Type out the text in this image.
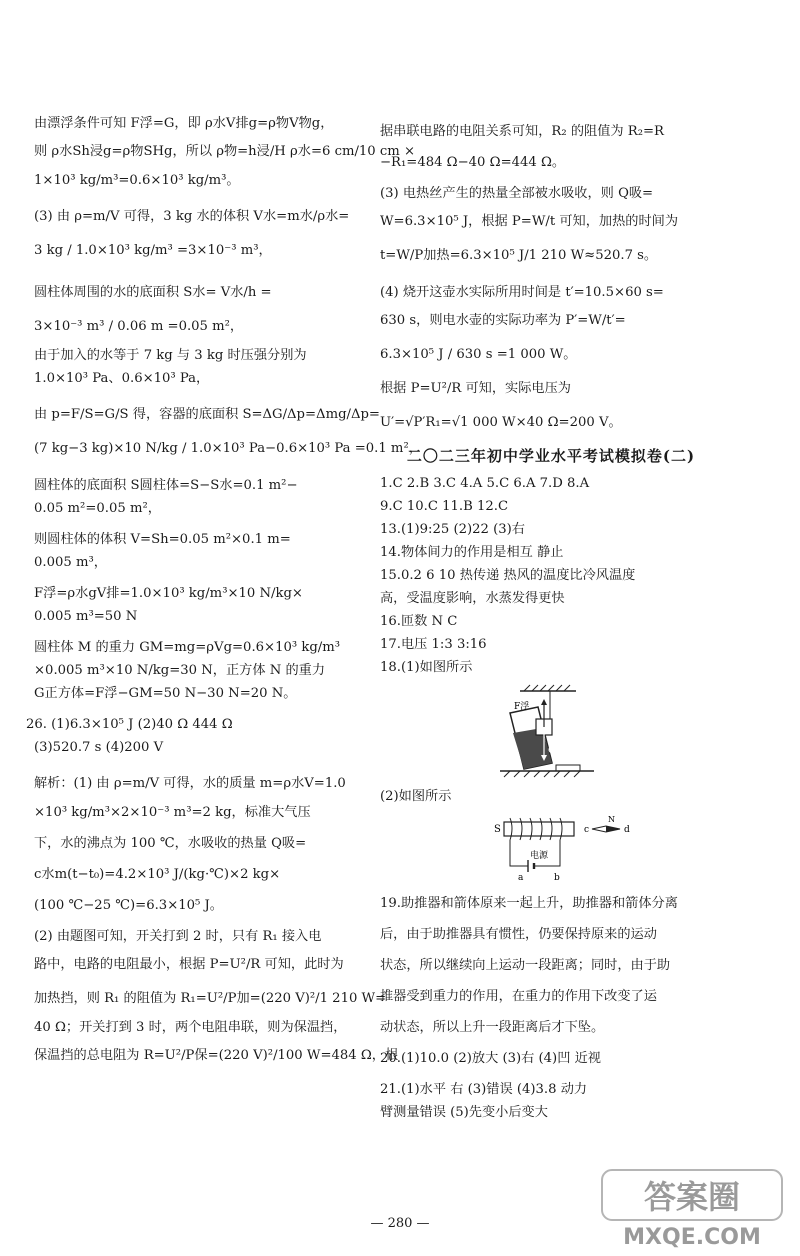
由漂浮条件可知 F浮=G，即 ρ水V排g=ρ物V物g，
则 ρ水Sh浸g=ρ物SHg，所以 ρ物=h浸/H ρ水=6 cm/10 cm ×
1×10³ kg/m³=0.6×10³ kg/m³。
(3) 由 ρ=m/V 可得，3 kg 水的体积 V水=m水/ρ水=
3 kg / 1.0×10³ kg/m³ =3×10⁻³ m³，
圆柱体周围的水的底面积 S水= V水/h =
3×10⁻³ m³ / 0.06 m =0.05 m²，
由于加入的水等于 7 kg 与 3 kg 时压强分别为
1.0×10³ Pa、0.6×10³ Pa，
由 p=F/S=G/S 得，容器的底面积 S=ΔG/Δp=Δmg/Δp=
(7 kg−3 kg)×10 N/kg / 1.0×10³ Pa−0.6×10³ Pa =0.1 m²，
圆柱体的底面积 S圆柱体=S−S水=0.1 m²−
0.05 m²=0.05 m²，
则圆柱体的体积 V=Sh=0.05 m²×0.1 m=
0.005 m³，
F浮=ρ水gV排=1.0×10³ kg/m³×10 N/kg×
0.005 m³=50 N
圆柱体 M 的重力 GM=mg=ρVg=0.6×10³ kg/m³
×0.005 m³×10 N/kg=30 N，正方体 N 的重力
G正方体=F浮−GM=50 N−30 N=20 N。
26. (1)6.3×10⁵ J (2)40 Ω 444 Ω
(3)520.7 s (4)200 V
解析：(1) 由 ρ=m/V 可得，水的质量 m=ρ水V=1.0
×10³ kg/m³×2×10⁻³ m³=2 kg，标准大气压
下，水的沸点为 100 ℃，水吸收的热量 Q吸=
c水m(t−t₀)=4.2×10³ J/(kg·℃)×2 kg×
(100 ℃−25 ℃)=6.3×10⁵ J。
(2) 由题图可知，开关打到 2 时，只有 R₁ 接入电
路中，电路的电阻最小，根据 P=U²/R 可知，此时为
加热挡，则 R₁ 的阻值为 R₁=U²/P加=(220 V)²/1 210 W=
40 Ω；开关打到 3 时，两个电阻串联，则为保温挡，
保温挡的总电阻为 R=U²/P保=(220 V)²/100 W=484 Ω，根
据串联电路的电阻关系可知，R₂ 的阻值为 R₂=R
−R₁=484 Ω−40 Ω=444 Ω。
(3) 电热丝产生的热量全部被水吸收，则 Q吸=
W=6.3×10⁵ J，根据 P=W/t 可知，加热的时间为
t=W/P加热=6.3×10⁵ J/1 210 W≈520.7 s。
(4) 烧开这壶水实际所用时间是 t′=10.5×60 s=
630 s，则电水壶的实际功率为 P′=W/t′=
6.3×10⁵ J / 630 s =1 000 W。
根据 P=U²/R 可知，实际电压为
U′=√P′R₁=√1 000 W×40 Ω=200 V。
二〇二三年初中学业水平考试模拟卷(二)
1.C 2.B 3.C 4.A 5.C 6.A 7.D 8.A
9.C 10.C 11.B 12.C
13.(1)9:25 (2)22 (3)右
14.物体间力的作用是相互 静止
15.0.2 6 10 热传递 热风的温度比冷风温度
高，受温度影响，水蒸发得更快
16.匝数 N C
17.电压 1:3 3:16
18.(1)如图所示
F浮
G
(2)如图所示
S	c
N
d
电源
a	b
19.助推器和箭体原来一起上升，助推器和箭体分离
后，由于助推器具有惯性，仍要保持原来的运动
状态，所以继续向上运动一段距离；同时，由于助
推器受到重力的作用，在重力的作用下改变了运
动状态，所以上升一段距离后才下坠。
20.(1)10.0 (2)放大 (3)右 (4)凹 近视
21.(1)水平 右 (3)错误 (4)3.8 动力
臂测量错误 (5)先变小后变大
— 280 —
答案圈
MXQE.COM
